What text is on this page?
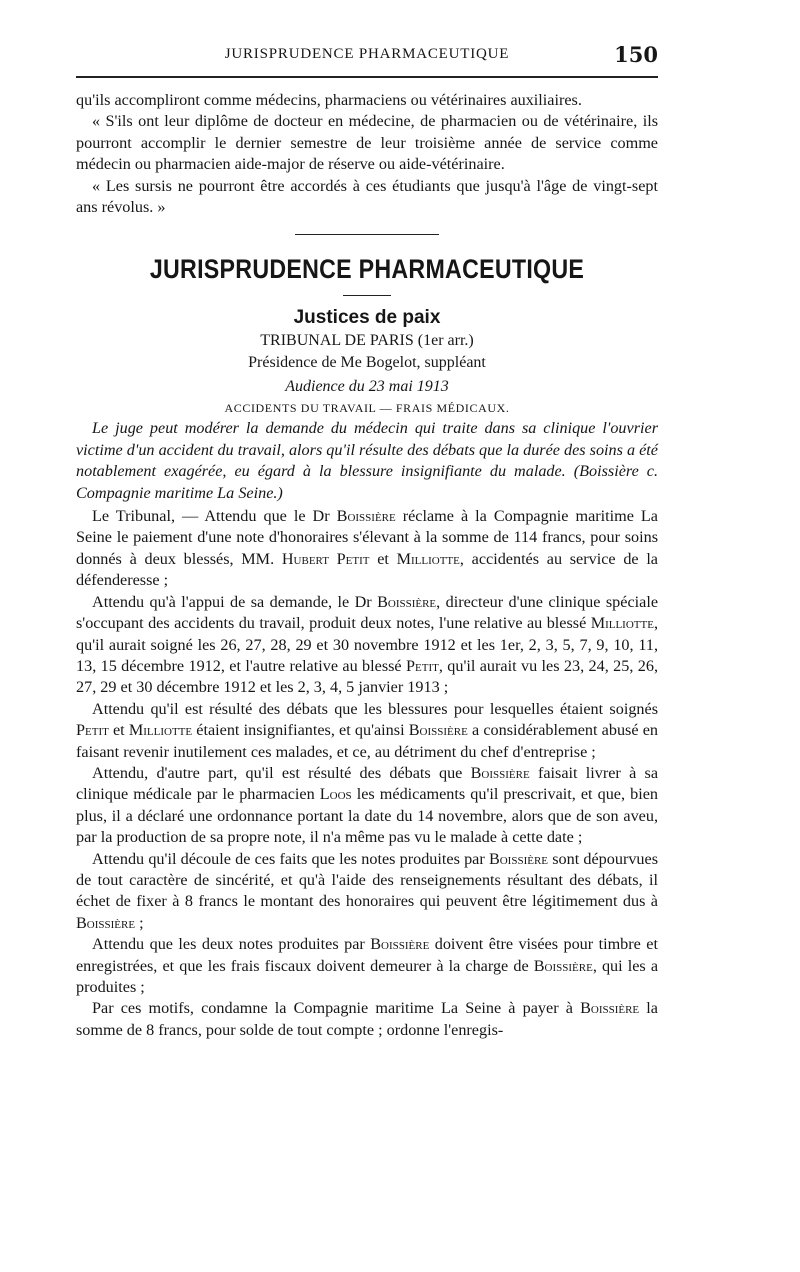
JURISPRUDENCE PHARMACEUTIQUE	150

qu'ils accompliront comme médecins, pharmaciens ou vétérinaires auxiliaires.

« S'ils ont leur diplôme de docteur en médecine, de pharmacien ou de vétérinaire, ils pourront accomplir le dernier semestre de leur troisième année de service comme médecin ou pharmacien aide-major de réserve ou aide-vétérinaire.

« Les sursis ne pourront être accordés à ces étudiants que jusqu'à l'âge de vingt-sept ans révolus. »

JURISPRUDENCE PHARMACEUTIQUE

Justices de paix

TRIBUNAL DE PARIS (1er arr.)

Présidence de Me Bogelot, suppléant

Audience du 23 mai 1913

ACCIDENTS DU TRAVAIL — FRAIS MÉDICAUX.

Le juge peut modérer la demande du médecin qui traite dans sa clinique l'ouvrier victime d'un accident du travail, alors qu'il résulte des débats que la durée des soins a été notablement exagérée, eu égard à la blessure insignifiante du malade. (Boissière c. Compagnie maritime La Seine.)

Le Tribunal, — Attendu que le Dr Boissière réclame à la Compagnie maritime La Seine le paiement d'une note d'honoraires s'élevant à la somme de 114 francs, pour soins donnés à deux blessés, MM. Hubert Petit et Milliotte, accidentés au service de la défenderesse ;

Attendu qu'à l'appui de sa demande, le Dr Boissière, directeur d'une clinique spéciale s'occupant des accidents du travail, produit deux notes, l'une relative au blessé Milliotte, qu'il aurait soigné les 26, 27, 28, 29 et 30 novembre 1912 et les 1er, 2, 3, 5, 7, 9, 10, 11, 13, 15 décembre 1912, et l'autre relative au blessé Petit, qu'il aurait vu les 23, 24, 25, 26, 27, 29 et 30 décembre 1912 et les 2, 3, 4, 5 janvier 1913 ;

Attendu qu'il est résulté des débats que les blessures pour lesquelles étaient soignés Petit et Milliotte étaient insignifiantes, et qu'ainsi Boissière a considérablement abusé en faisant revenir inutilement ces malades, et ce, au détriment du chef d'entreprise ;

Attendu, d'autre part, qu'il est résulté des débats que Boissière faisait livrer à sa clinique médicale par le pharmacien Loos les médicaments qu'il prescrivait, et que, bien plus, il a déclaré une ordonnance portant la date du 14 novembre, alors que de son aveu, par la production de sa propre note, il n'a même pas vu le malade à cette date ;

Attendu qu'il découle de ces faits que les notes produites par Boissière sont dépourvues de tout caractère de sincérité, et qu'à l'aide des renseignements résultant des débats, il échet de fixer à 8 francs le montant des honoraires qui peuvent être légitimement dus à Boissière ;

Attendu que les deux notes produites par Boissière doivent être visées pour timbre et enregistrées, et que les frais fiscaux doivent demeurer à la charge de Boissière, qui les a produites ;

Par ces motifs, condamne la Compagnie maritime La Seine à payer à Boissière la somme de 8 francs, pour solde de tout compte ; ordonne l'enregis-
